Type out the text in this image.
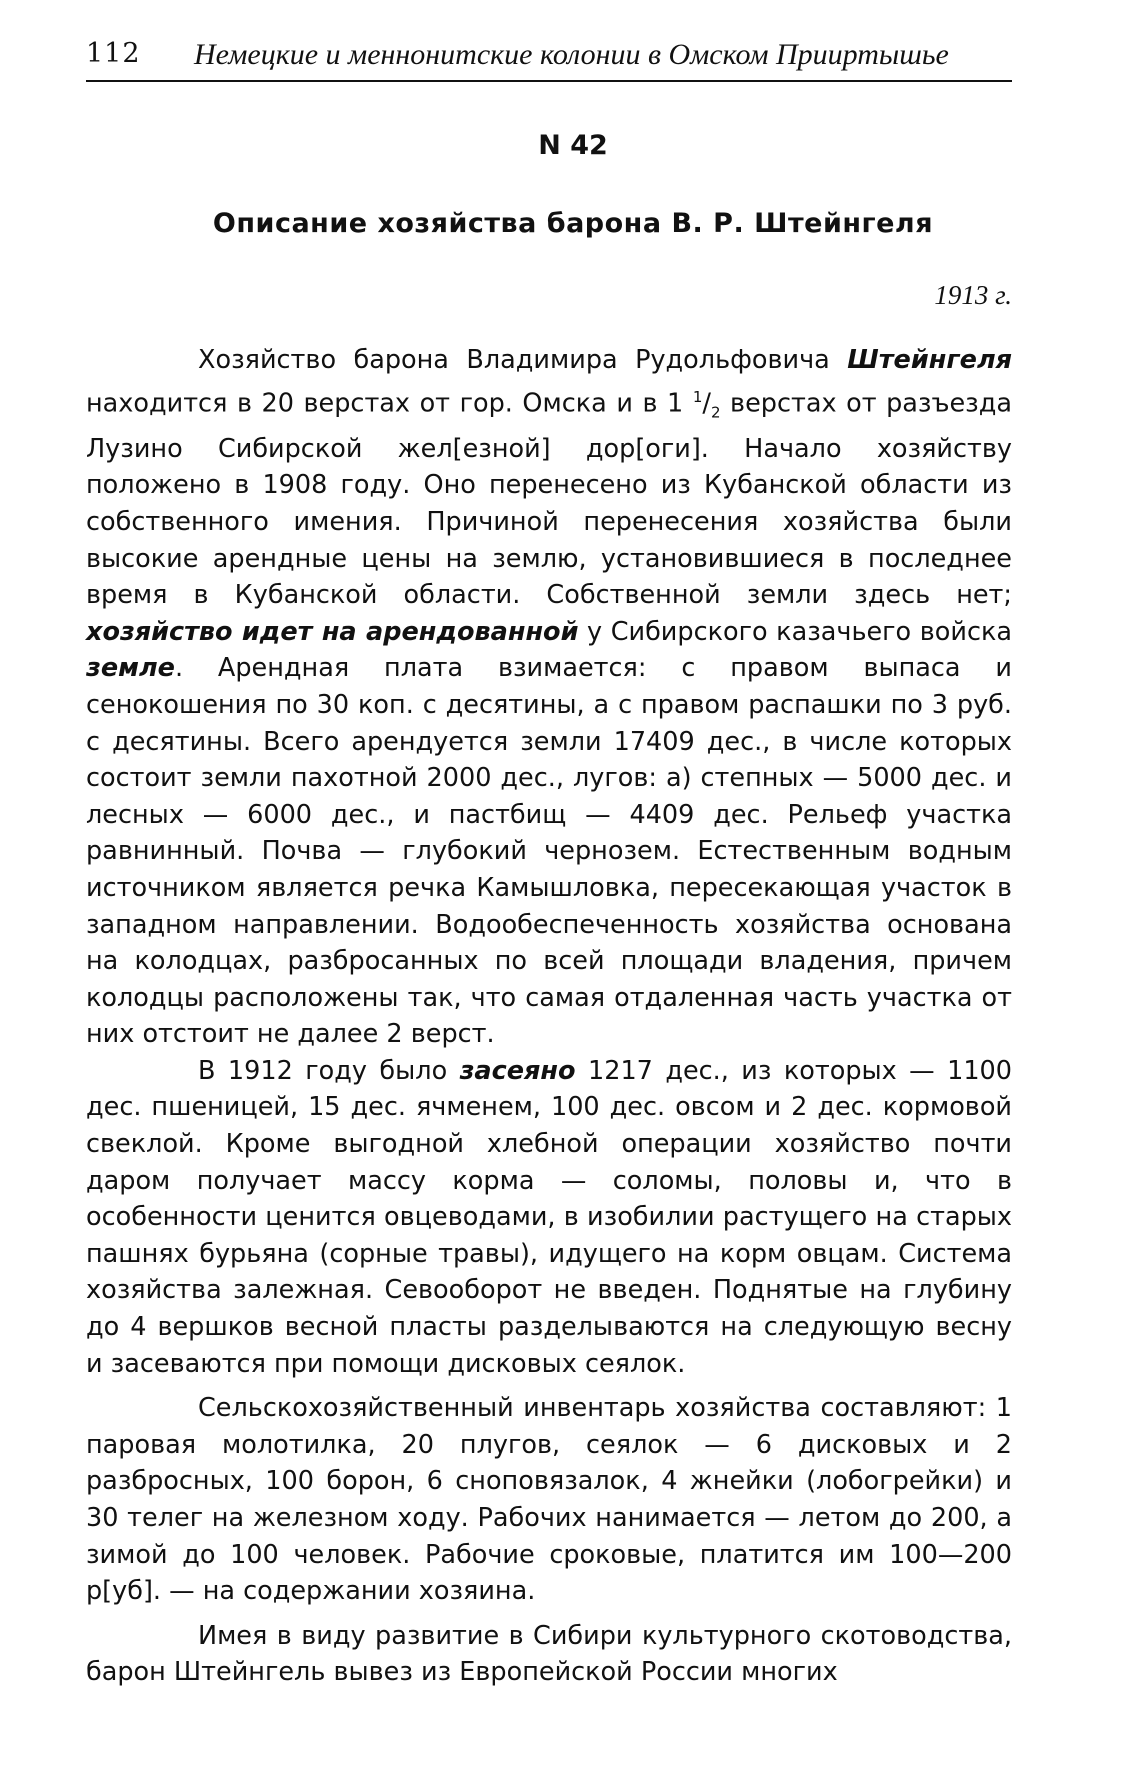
112 Немецкие и меннонитские колонии в Омском Прииртышье
N 42
Описание хозяйства барона В. Р. Штейнгеля
1913 г.

Хозяйство барона Владимира Рудольфовича Штейнгеля находится в 20 верстах от гор. Омска и в 1 $^1/_2$ верстах от разъезда Лузино Сибирской жел[езной] дор[оги]. Начало хозяйству положено в 1908 году. Оно перенесено из Кубанской области из собственного имения. Причиной перенесения хозяйства были высокие арендные цены на землю, установившиеся в последнее время в Кубанской области. Собственной земли здесь нет; хозяйство идет на арендованной у Сибирского казачьего войска земле. Арендная плата взимается: с правом выпаса и сенокошения по 30 коп. с десятины, а с правом распашки по 3 руб. с десятины. Всего арендуется земли 17409 дес., в числе которых состоит земли пахотной 2000 дес., лугов: а) степных — 5000 дес. и лесных — 6000 дес., и пастбищ — 4409 дес. Рельеф участка равнинный. Почва — глубокий чернозем. Естественным водным источником является речка Камышловка, пересекающая участок в западном направлении. Водообеспеченность хозяйства основана на колодцах, разбросанных по всей площади владения, причем колодцы расположены так, что самая отдаленная часть участка от них отстоит не далее 2 верст.

В 1912 году было засеяно 1217 дес., из которых — 1100 дес. пшеницей, 15 дес. ячменем, 100 дес. овсом и 2 дес. кормовой свеклой. Кроме выгодной хлебной операции хозяйство почти даром получает массу корма — соломы, половы и, что в особенности ценится овцеводами, в изобилии растущего на старых пашнях бурьяна (сорные травы), идущего на корм овцам. Система хозяйства залежная. Севооборот не введен. Поднятые на глубину до 4 вершков весной пласты разделываются на следующую весну и засеваются при помощи дисковых сеялок.

Сельскохозяйственный инвентарь хозяйства составляют: 1 паровая молотилка, 20 плугов, сеялок — 6 дисковых и 2 разбросных, 100 борон, 6 сноповязалок, 4 жнейки (лобогрейки) и 30 телег на железном ходу. Рабочих нанимается — летом до 200, а зимой до 100 человек. Рабочие сроковые, платится им 100—200 р[уб]. — на содержании хозяина.

Имея в виду развитие в Сибири культурного скотоводства, барон Штейнгель вывез из Европейской России многих
